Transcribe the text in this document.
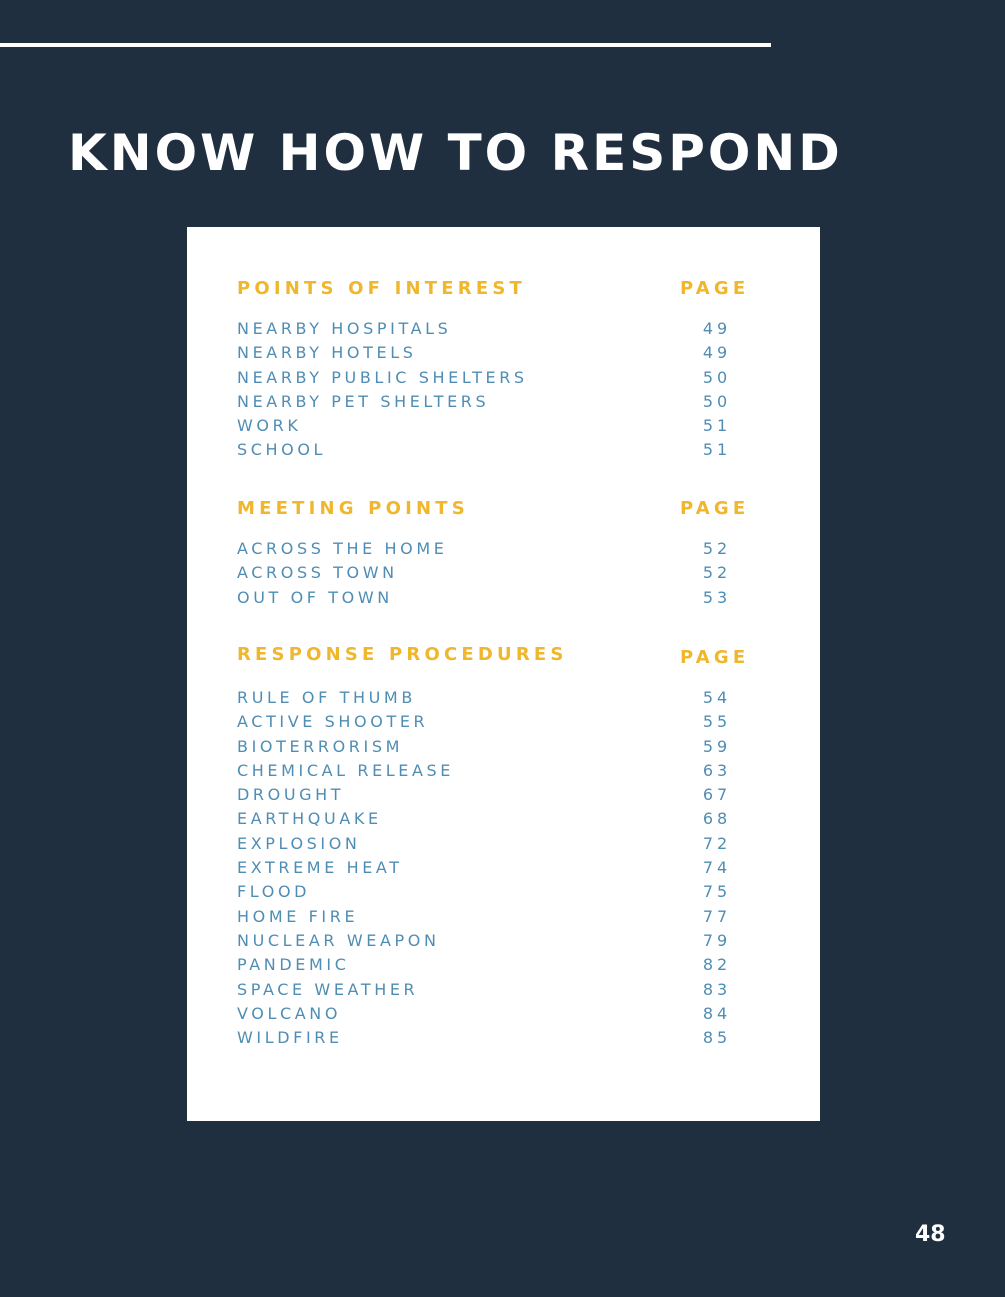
KNOW HOW TO RESPOND
POINTS OF INTEREST	PAGE
NEARBY HOSPITALS	49
NEARBY HOTELS	49
NEARBY PUBLIC SHELTERS	50
NEARBY PET SHELTERS	50
WORK	51
SCHOOL	51
MEETING POINTS	PAGE
ACROSS THE HOME	52
ACROSS TOWN	52
OUT OF TOWN	53
RESPONSE PROCEDURES	PAGE
RULE OF THUMB	54
ACTIVE SHOOTER	55
BIOTERRORISM	59
CHEMICAL RELEASE	63
DROUGHT	67
EARTHQUAKE	68
EXPLOSION	72
EXTREME HEAT	74
FLOOD	75
HOME FIRE	77
NUCLEAR WEAPON	79
PANDEMIC	82
SPACE WEATHER	83
VOLCANO	84
WILDFIRE	85
48
